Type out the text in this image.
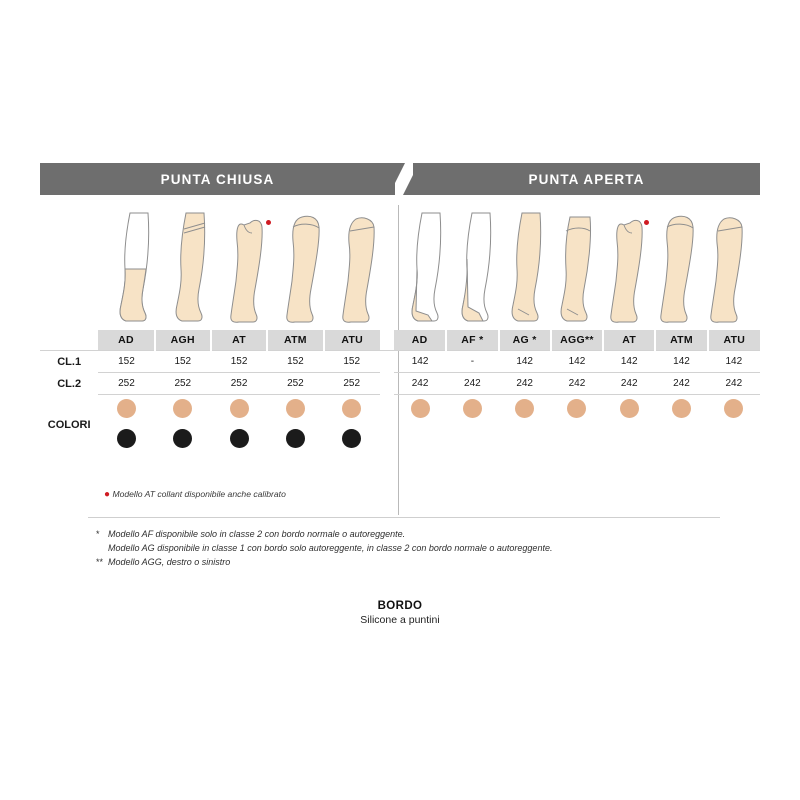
PUNTA CHIUSA	PUNTA APERTA
	AD	AGH	AT	ATM	ATU		AD	AF *	AG *	AGG**	AT	ATM	ATU
CL.1	152	152	152	152	152		142	-	142	142	142	142	142
CL.2	252	252	252	252	252		242	242	242	242	242	242	242
COLORI													

● Modello AT collant disponibile anche calibrato
* Modello AF disponibile solo in classe 2 con bordo normale o autoreggente.
Modello AG disponibile in classe 1 con bordo solo autoreggente, in classe 2 con bordo normale o autoreggente.
** Modello AGG, destro o sinistro
BORDO
Silicone a puntini
